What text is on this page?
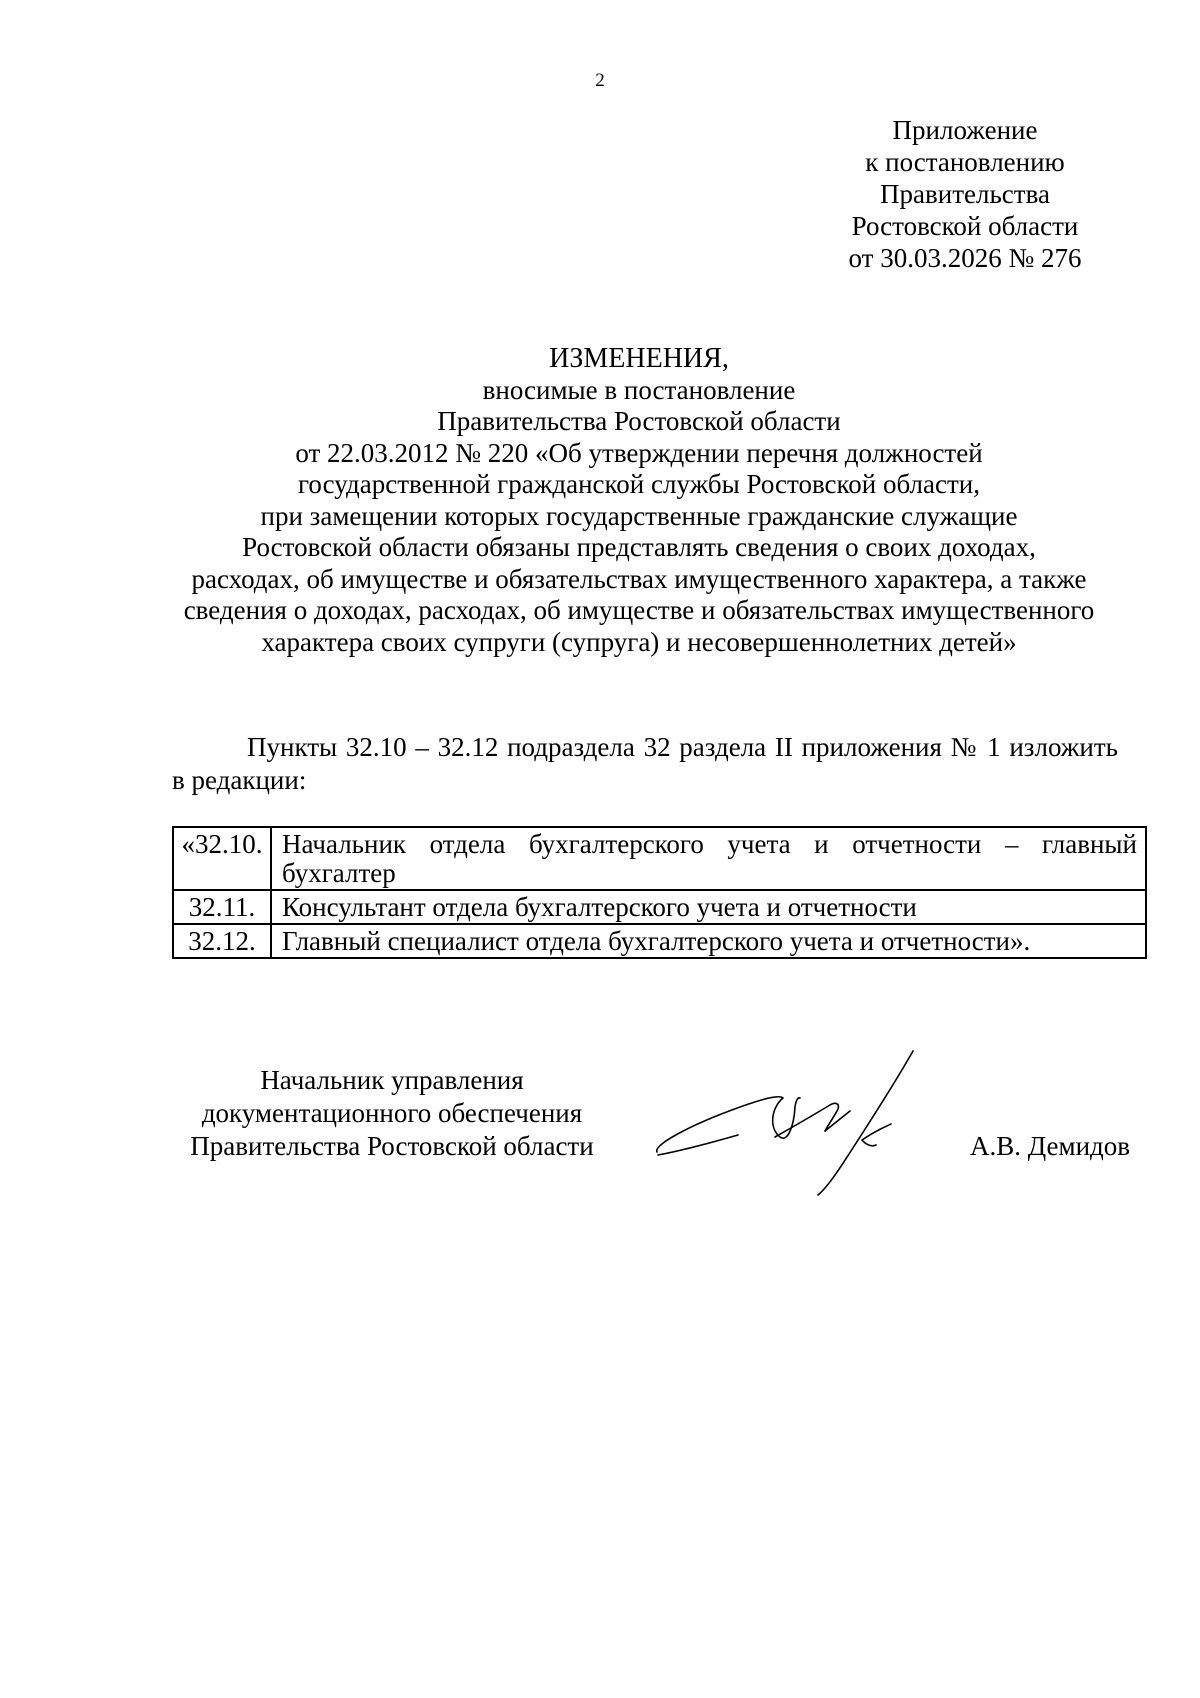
2
Приложение
к постановлению
Правительства
Ростовской области
от 30.03.2026 № 276
ИЗМЕНЕНИЯ,
вносимые в постановление
Правительства Ростовской области
от 22.03.2012 № 220 «Об утверждении перечня должностей
государственной гражданской службы Ростовской области,
при замещении которых государственные гражданские служащие
Ростовской области обязаны представлять сведения о своих доходах,
расходах, об имуществе и обязательствах имущественного характера, а также
сведения о доходах, расходах, об имуществе и обязательствах имущественного
характера своих супруги (супруга) и несовершеннолетних детей»
Пункты 32.10 – 32.12 подраздела 32 раздела II приложения № 1 изложить
в редакции:
«32.10.	Начальник отдела бухгалтерского учета и отчетности – главный бухгалтер
32.11.	Консультант отдела бухгалтерского учета и отчетности
32.12.	Главный специалист отдела бухгалтерского учета и отчетности».
Начальник управления
документационного обеспечения
Правительства Ростовской области	А.В. Демидов
